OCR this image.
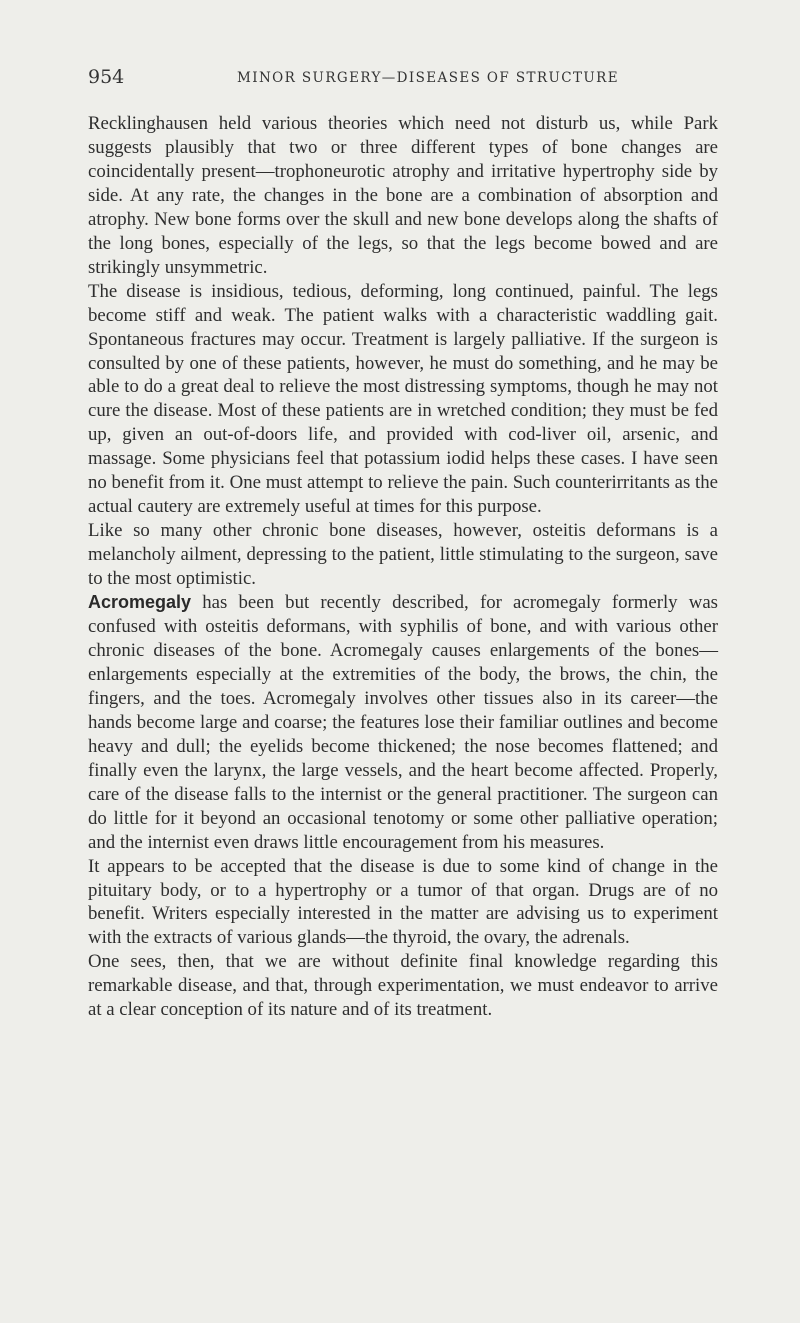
954	MINOR SURGERY—DISEASES OF STRUCTURE

Recklinghausen held various theories which need not disturb us, while Park suggests plausibly that two or three different types of bone changes are coincidentally present—trophoneurotic atrophy and irritative hypertrophy side by side. At any rate, the changes in the bone are a combination of absorption and atrophy. New bone forms over the skull and new bone develops along the shafts of the long bones, especially of the legs, so that the legs become bowed and are strikingly unsymmetric.

The disease is insidious, tedious, deforming, long continued, painful. The legs become stiff and weak. The patient walks with a characteristic waddling gait. Spontaneous fractures may occur. Treatment is largely palliative. If the surgeon is consulted by one of these patients, however, he must do something, and he may be able to do a great deal to relieve the most distressing symptoms, though he may not cure the disease. Most of these patients are in wretched condition; they must be fed up, given an out-of-doors life, and provided with cod-liver oil, arsenic, and massage. Some physicians feel that potassium iodid helps these cases. I have seen no benefit from it. One must attempt to relieve the pain. Such counterirritants as the actual cautery are extremely useful at times for this purpose.

Like so many other chronic bone diseases, however, osteitis deformans is a melancholy ailment, depressing to the patient, little stimulating to the surgeon, save to the most optimistic.

Acromegaly has been but recently described, for acromegaly formerly was confused with osteitis deformans, with syphilis of bone, and with various other chronic diseases of the bone. Acromegaly causes enlargements of the bones—enlargements especially at the extremities of the body, the brows, the chin, the fingers, and the toes. Acromegaly involves other tissues also in its career—the hands become large and coarse; the features lose their familiar outlines and become heavy and dull; the eyelids become thickened; the nose becomes flattened; and finally even the larynx, the large vessels, and the heart become affected. Properly, care of the disease falls to the internist or the general practitioner. The surgeon can do little for it beyond an occasional tenotomy or some other palliative operation; and the internist even draws little encouragement from his measures.

It appears to be accepted that the disease is due to some kind of change in the pituitary body, or to a hypertrophy or a tumor of that organ. Drugs are of no benefit. Writers especially interested in the matter are advising us to experiment with the extracts of various glands—the thyroid, the ovary, the adrenals.

One sees, then, that we are without definite final knowledge regarding this remarkable disease, and that, through experimentation, we must endeavor to arrive at a clear conception of its nature and of its treatment.
